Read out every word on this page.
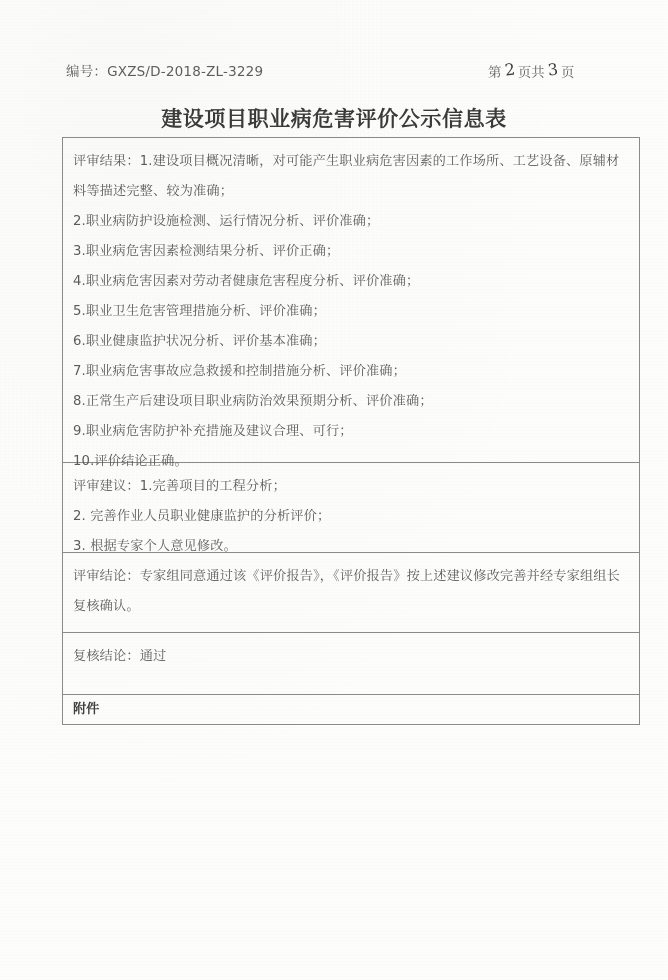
编号：GXZS/D-2018-ZL-3229	第 2 页共 3 页
建设项目职业病危害评价公示信息表
评审结果：1.建设项目概况清晰，对可能产生职业病危害因素的工作场所、工艺设备、原辅材料等描述完整、较为准确；
2.职业病防护设施检测、运行情况分析、评价准确；
3.职业病危害因素检测结果分析、评价正确；
4.职业病危害因素对劳动者健康危害程度分析、评价准确；
5.职业卫生危害管理措施分析、评价准确；
6.职业健康监护状况分析、评价基本准确；
7.职业病危害事故应急救援和控制措施分析、评价准确；
8.正常生产后建设项目职业病防治效果预期分析、评价准确；
9.职业病危害防护补充措施及建议合理、可行；
10.评价结论正确。
评审建议：1.完善项目的工程分析；
2. 完善作业人员职业健康监护的分析评价；
3. 根据专家个人意见修改。
评审结论：专家组同意通过该《评价报告》，《评价报告》按上述建议修改完善并经专家组组长复核确认。
复核结论：通过
附件
